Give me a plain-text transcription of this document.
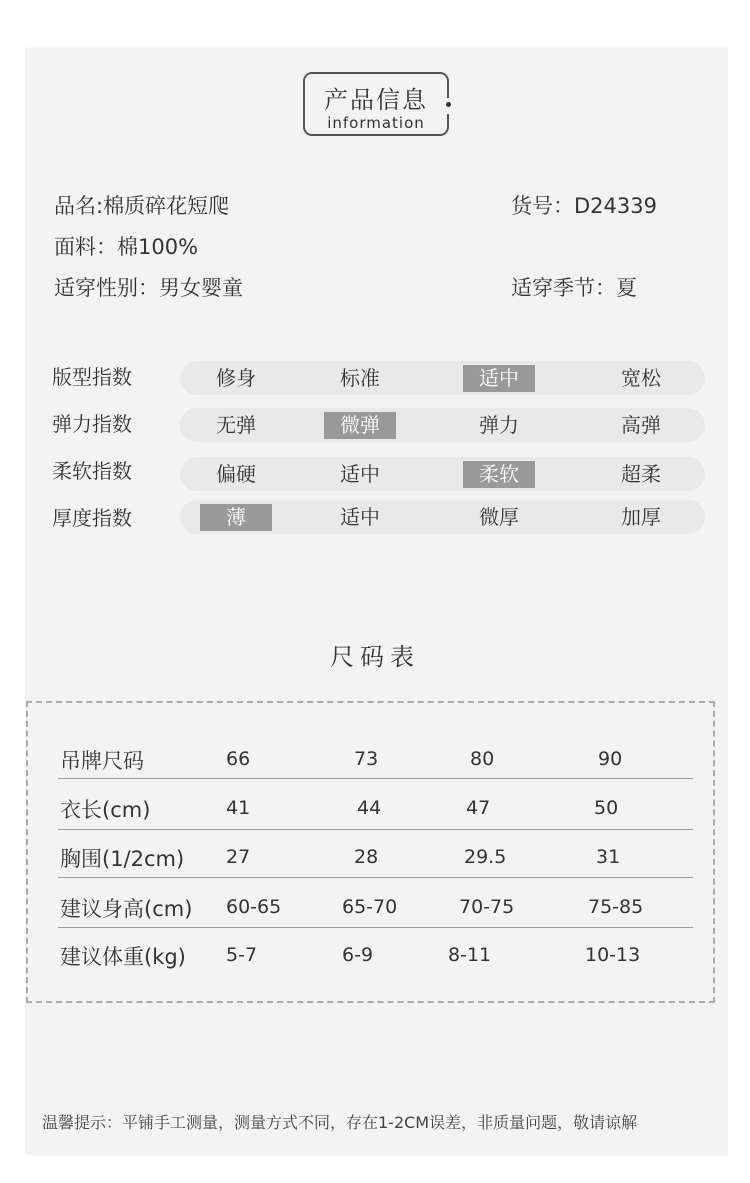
产品信息
information
品名:棉质碎花短爬	货号：D24339
面料：棉100%
适穿性别：男女婴童	适穿季节：夏
版型指数	修身	标准	适中	宽松
弹力指数	无弹	微弹	弹力	高弹
柔软指数	偏硬	适中	柔软	超柔
厚度指数	薄	适中	微厚	加厚
尺码表
吊牌尺码	66	73	80	90
衣长(cm)	41	44	47	50
胸围(1/2cm) 27	28	29.5	31
建议身高(cm) 60-65	65-70	70-75	75-85
建议体重(kg) 5-7	6-9	8-11	10-13
温馨提示：平铺手工测量，测量方式不同，存在1-2CM误差，非质量问题，敬请谅解
